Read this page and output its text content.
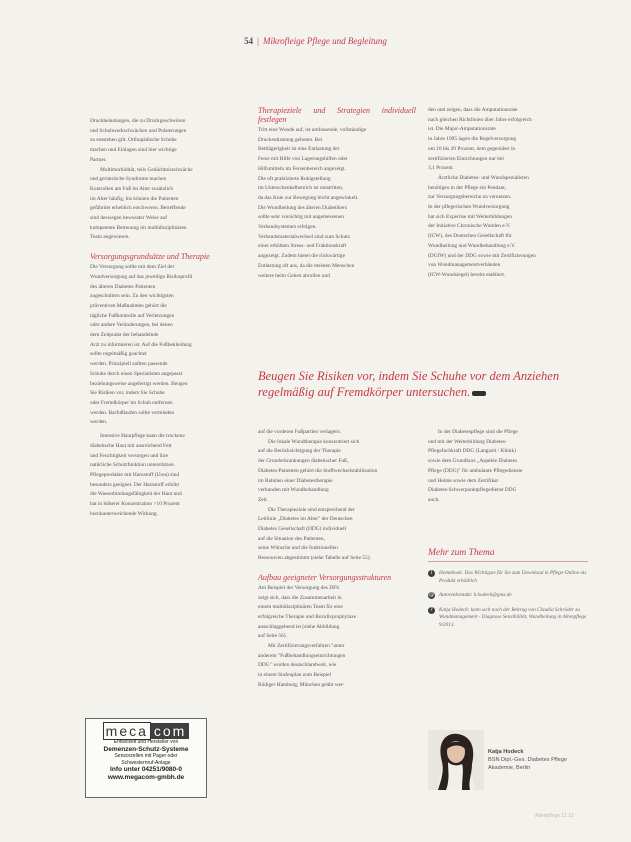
54 | Mikrofleige Pflege und Begleitung

Druckbelastungen, die zu Druckgeschwüren
und Schuhwerkschwächen und Polsterungen
zu entstehen gilt. Orthopädische Schuhe
machen und Einlagen sind hier wichtige
Partner.
Multimorbidität, teils Gedächtnisschwäche
und geriatrische Syndrome machen
Kontrollen am Fuß im Alter zusätzlich
im Alter häufig, bis können die Patienten
gefährdet erheblich erschweren. Betreffende
sind deswegen bewusster Weise auf
kompetente Betreuung im multidisziplinären
Team angewiesen.

Versorgungsgrundsätze und Therapie

Die Versorgung sollte mit dem Ziel der
Wundversorgung auf das jeweilige Risikoprofil
des älteren Diabetes-Patienten
zugeschnitten sein. Zu den wichtigsten
präventiven Maßnahmen gehört die
tägliche Fußkontrolle auf Verletzungen
oder andere Veränderungen, bei denen
dem Zeitpunkt der behandelnde
Arzt zu informieren ist. Auf die Fußbekleidung
sollte regelmäßig geachtet
werden. Prinzipiell sollten passende
Schuhe durch einen Spezialisten angepasst
beziehungsweise angefertigt werden. Beugen
Sie Risiken vor, indem Sie Schuhe
oder Fremdkörper im Schuh entfernen
werden. Barfußlaufen sollte vermieden
werden.

Intensive Hautpflege kann die trockene
diabetische Haut mit ausreichend Fett
und Feuchtigkeit versorgen und ihre
natürliche Schutzfunktion unterstützen.
Pflegeprodukte mit Harnstoff (Urea) sind
besonders geeignet. Der Harnstoff erhöht
die Wasserbindungsfähigkeit der Haut und
hat in höherer Konzentration >10 Prozent
hornhauterweichende Wirkung.

Therapieziele und Strategien individuell festlegen

Tritt eine Wunde auf, ist umfassende, vollständige
Druckentlastung geboten. Bei
Bettlägerigkeit ist eine Entlastung der
Ferse mit Hilfe von Lagerungshilfen oder
Hilfsmitteln im Fersenbereich angezeigt.
Die oft praktizierte Ruhigstellung
im Unterschenkelbereich ist umstritten,
da das Knie zur Bewegung leicht angewinkelt.
Die Wundheilung des älteren Diabetikers
sollte sehr vorsichtig mit angemessenen
Verbandsystemen erfolgen.
Verbandsmaterialwechsel sind zum Schutz
einer erhöhten Stress- und Fraktionskraft
angezeigt. Zudem bietet die rückwärtige
Entlastung oft aus, da die meisten Menschen
weitere beim Gehen abrollen und

den und zeigen, dass die Amputationsrate
nach gleichen Richtlinien über Jahre erfolgreich
ist. Die Major-Amputationsrate
in Jahre 1995 lagen die Regelversorgung
um 10 bis 20 Prozent, dem gegenüber in
zertifizierten Einrichtungen nur bei
3,1 Prozent.
Ärztliche Diabetes- und Wundspezialisten
benötigen in der Pflege ein Pendant,
zur Versorgungsbereiche zu vernetzen.
In der pflegerischen Wundversorgung
hat sich Expertise mit Weiterbildungen
der Initiative Chronische Wunden e.V.
(ICW), des Deutschen Gesellschaft für
Wundheilung und Wundbehandlung e.V.
(DGfW) und der DDG sowie mit Zertifizierungen
von Wundmanagementverbänden
(ICW-Wundsiegel) bereits etabliert.

Beugen Sie Risiken vor, indem Sie Schuhe vor dem Anziehen regelmäßig auf Fremdkörper untersuchen.

auf die vorderen Fußpartien verlagern.
Die lokale Wundtherapie konzentriert sich
auf die Berücksichtigung der Therapie
der Grunderkrankungen diabetischer Fuß,
Diabetes-Patienten gehört die Stoffwechselstabilisation
im Rahmen einer Diabetestherapie
verbunden mit Wundbehandlung
Zeit.
Die Therapieziele sind entsprechend der
Leitlinie „Diabetes im Alter" der Deutschen
Diabetes Gesellschaft (DDG) individuell
auf die Situation des Patienten,
seine Wünsche und die funktionellen
Ressourcen abgestimmt (siehe Tabelle auf Seite 55).

Aufbau geeigneter Versorgungsstrukturen

Am Beispiel der Versorgung des DFS
zeigt sich, dass die Zusammenarbeit in
einem multidisziplinären Team für eine
erfolgreiche Therapie und Rezidivprophylaxe
ausschlaggebend ist (siehe Abbildung
auf Seite 56).
Mit Zertifizierungsverfahren "unter
anderem "Fußbehandlungseinrichtungen
DDG" wurden deutschlandweit, wie
in einem Stufenplan zum Beispiel
Rüdiger Hamburg, München geübt wer-

In der Diabetespflege sind die Pflege
und mit der Weiterbildung Diabetes-
Pflegefachkraft DDG (Langzeit / Klinik)
sowie dem Grundkurs „Aspekte Diabetes
Pflege (DDG)" für ambulante Pflegedienste
und Heime sowie dem Zertifikat
Diabetes-Schwerpunktpflegedienst DDG
auch.

Mehr zum Thema
i	Homebook: Das Wichtigste für Sie zum Download in Pflege-Online als Produkt erhältlich
@ Autorenkontakt: k.hodeck@gmx.de
?	Katja Hodeck: kann sich nach der Beitrag von Claudia Schröder zu Wundmanagement - Diagnose Sensibilität, Wundheilung in Altenpflege 9/2013.
meca com
Entwickelt und Hersteller von
Demenzen-Schutz-Systeme
Sensorzellen mit Pager oder
Schwesternruf-Anlage
Info unter 04251/9080-0
www.megacom-gmbh.de
Katja Hodeck
BSN Dipl.-Ges. Diabetes Pflege
Akademie, Berlin
Altenpflege 11.13
